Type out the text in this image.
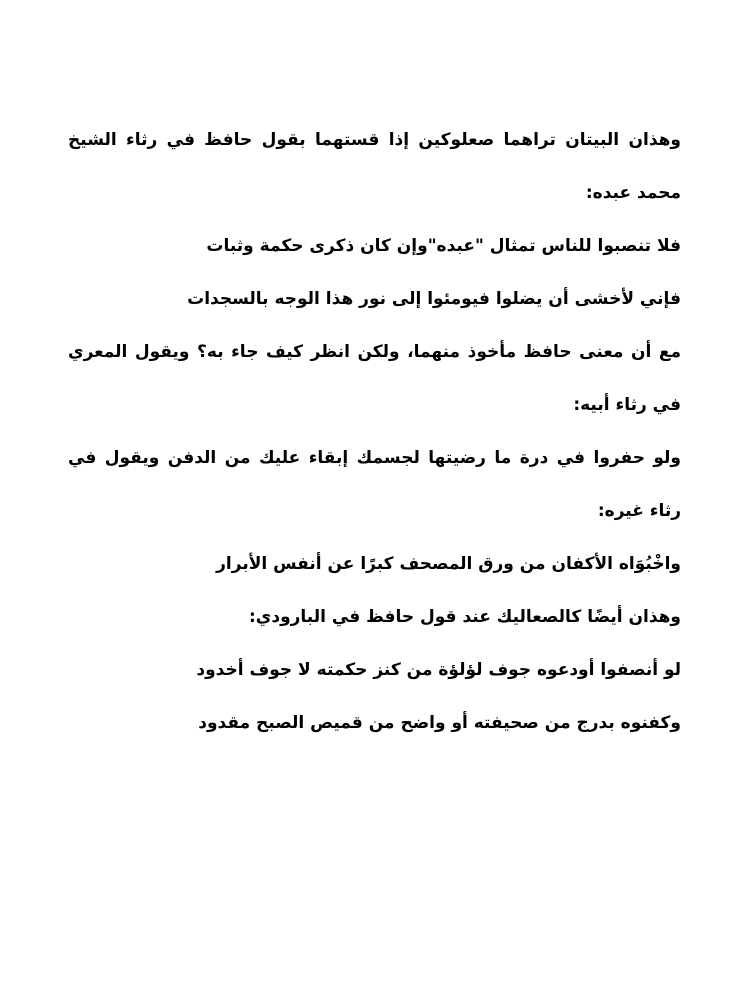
وهذان البيتان تراهما صعلوكين إذا قستهما بقول حافظ في رثاء الشيخ محمد عبده:

فلا تنصبوا للناس تمثال "عبده"وإن كان ذكرى حكمة وثبات

فإني لأخشى أن يضلوا فيومئوا إلى نور هذا الوجه بالسجدات

مع أن معنى حافظ مأخوذ منهما، ولكن انظر كيف جاء به؟ ويقول المعري في رثاء أبيه:

ولو حفروا في درة ما رضيتها لجسمك إبقاء عليك من الدفن ويقول في رثاء غيره:

واخْبُوَاه الأكفان من ورق المصحف كبرًا عن أنفس الأبرار

وهذان أيضًا كالصعاليك عند قول حافظ في البارودي:

لو أنصفوا أودعوه جوف لؤلؤة من كنز حكمته لا جوف أخدود

وكفنوه بدرج من صحيفته أو واضح من قميص الصبح مقدود
